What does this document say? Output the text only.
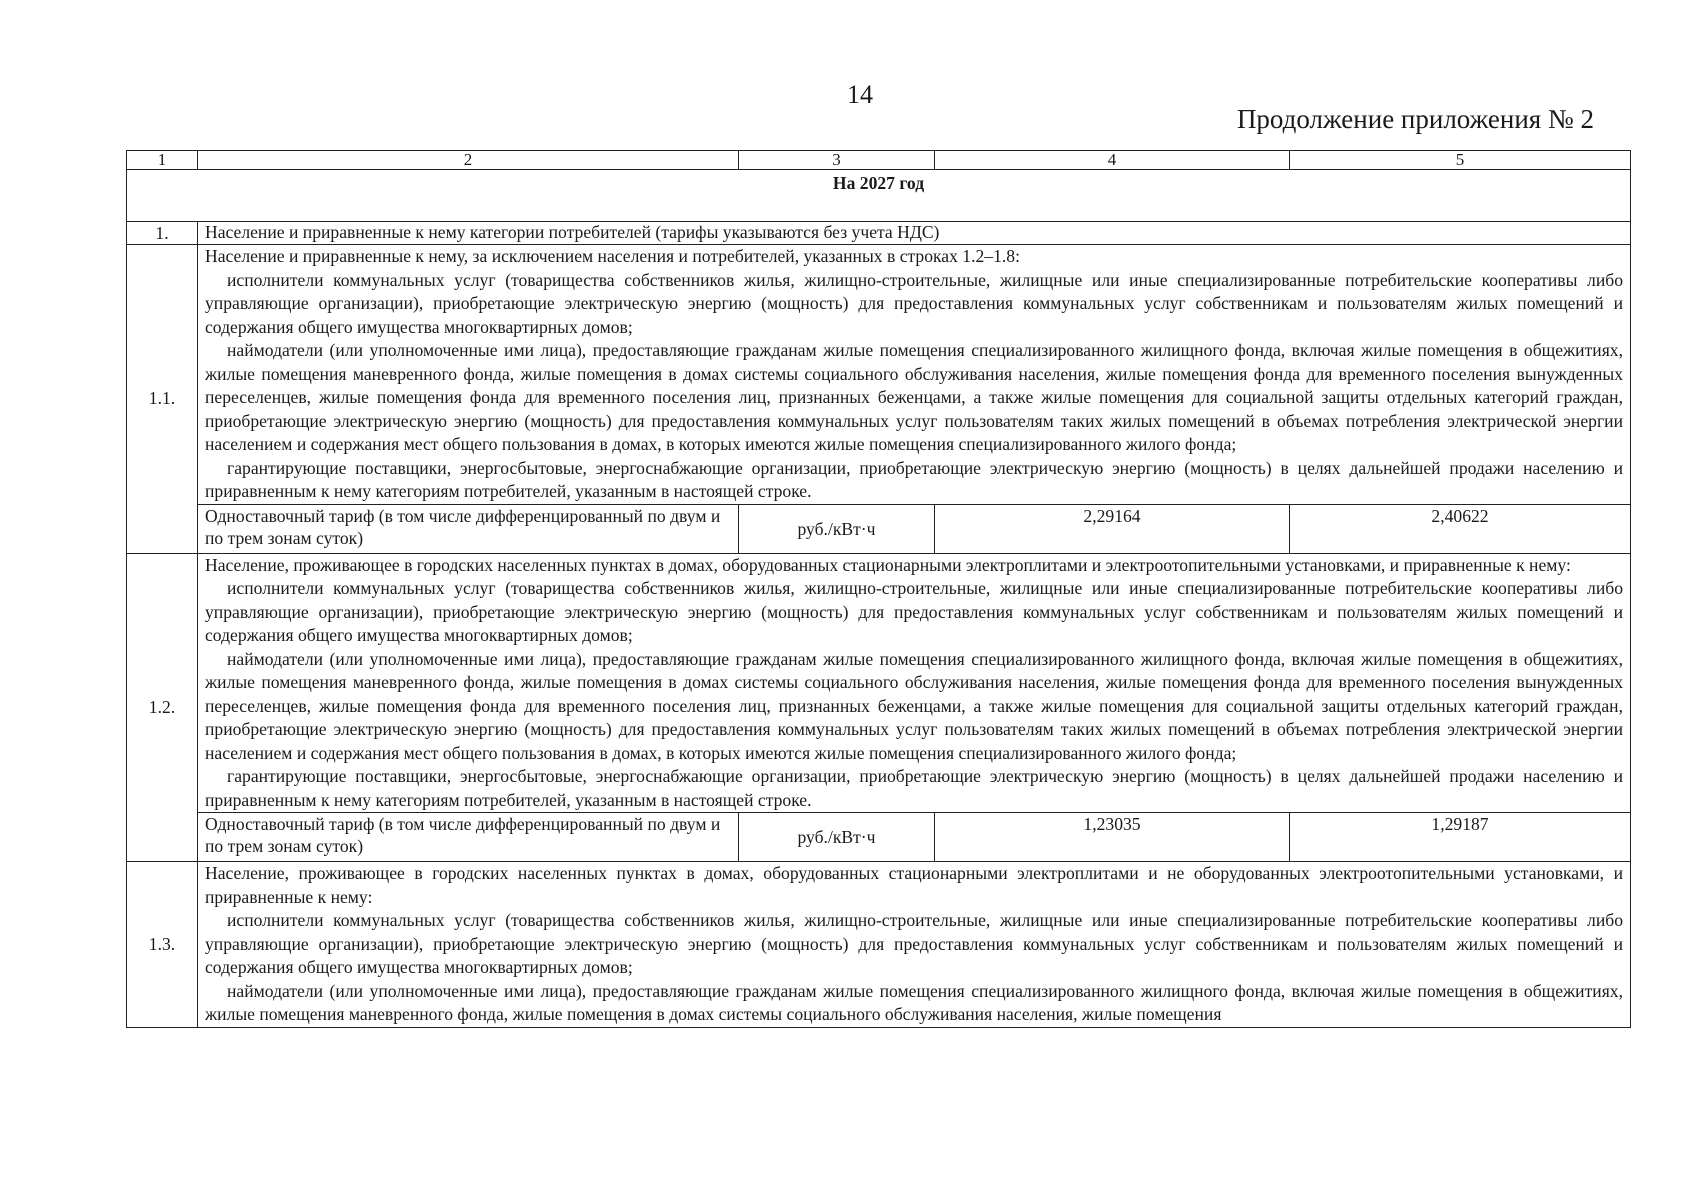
14
Продолжение приложения № 2
1	2	3	4	5
На 2027 год				
1.	Население и приравненные к нему категории потребителей (тарифы указываются без учета НДС)			
1.1.	Население и приравненные к нему, за исключением населения и потребителей, указанных в строках 1.2–1.8:

исполнители коммунальных услуг (товарищества собственников жилья, жилищно-строительные, жилищные или иные специализированные потребительские кооперативы либо управляющие организации), приобретающие электрическую энергию (мощность) для предоставления коммунальных услуг собственникам и пользователям жилых помещений и содержания общего имущества многоквартирных домов;

наймодатели (или уполномоченные ими лица), предоставляющие гражданам жилые помещения специализированного жилищного фонда, включая жилые помещения в общежитиях, жилые помещения маневренного фонда, жилые помещения в домах системы социального обслуживания населения, жилые помещения фонда для временного поселения вынужденных переселенцев, жилые помещения фонда для временного поселения лиц, признанных беженцами, а также жилые помещения для социальной защиты отдельных категорий граждан, приобретающие электрическую энергию (мощность) для предоставления коммунальных услуг пользователям таких жилых помещений в объемах потребления электрической энергии населением и содержания мест общего пользования в домах, в которых имеются жилые помещения специализированного жилого фонда;

гарантирующие поставщики, энергосбытовые, энергоснабжающие организации, приобретающие электрическую энергию (мощность) в целях дальнейшей продажи населению и приравненным к нему категориям потребителей, указанным в настоящей строке.			

	Одноставочный тариф (в том числе дифференцированный по двум и по трем зонам суток)	руб./кВт·ч	2,29164	2,40622
1.2.	Население, проживающее в городских населенных пунктах в домах, оборудованных стационарными электроплитами и электроотопительными установками, и приравненные к нему:

исполнители коммунальных услуг (товарищества собственников жилья, жилищно-строительные, жилищные или иные специализированные потребительские кооперативы либо управляющие организации), приобретающие электрическую энергию (мощность) для предоставления коммунальных услуг собственникам и пользователям жилых помещений и содержания общего имущества многоквартирных домов;

наймодатели (или уполномоченные ими лица), предоставляющие гражданам жилые помещения специализированного жилищного фонда, включая жилые помещения в общежитиях, жилые помещения маневренного фонда, жилые помещения в домах системы социального обслуживания населения, жилые помещения фонда для временного поселения вынужденных переселенцев, жилые помещения фонда для временного поселения лиц, признанных беженцами, а также жилые помещения для социальной защиты отдельных категорий граждан, приобретающие электрическую энергию (мощность) для предоставления коммунальных услуг пользователям таких жилых помещений в объемах потребления электрической энергии населением и содержания мест общего пользования в домах, в которых имеются жилые помещения специализированного жилого фонда;

гарантирующие поставщики, энергосбытовые, энергоснабжающие организации, приобретающие электрическую энергию (мощность) в целях дальнейшей продажи населению и приравненным к нему категориям потребителей, указанным в настоящей строке.			

	Одноставочный тариф (в том числе дифференцированный по двум и по трем зонам суток)	руб./кВт·ч	1,23035	1,29187
1.3.	Население, проживающее в городских населенных пунктах в домах, оборудованных стационарными электроплитами и не оборудованных электроотопительными установками, и приравненные к нему:

исполнители коммунальных услуг (товарищества собственников жилья, жилищно-строительные, жилищные или иные специализированные потребительские кооперативы либо управляющие организации), приобретающие электрическую энергию (мощность) для предоставления коммунальных услуг собственникам и пользователям жилых помещений и содержания общего имущества многоквартирных домов;

наймодатели (или уполномоченные ими лица), предоставляющие гражданам жилые помещения специализированного жилищного фонда, включая жилые помещения в общежитиях, жилые помещения маневренного фонда, жилые помещения в домах системы социального обслуживания населения, жилые помещения			
